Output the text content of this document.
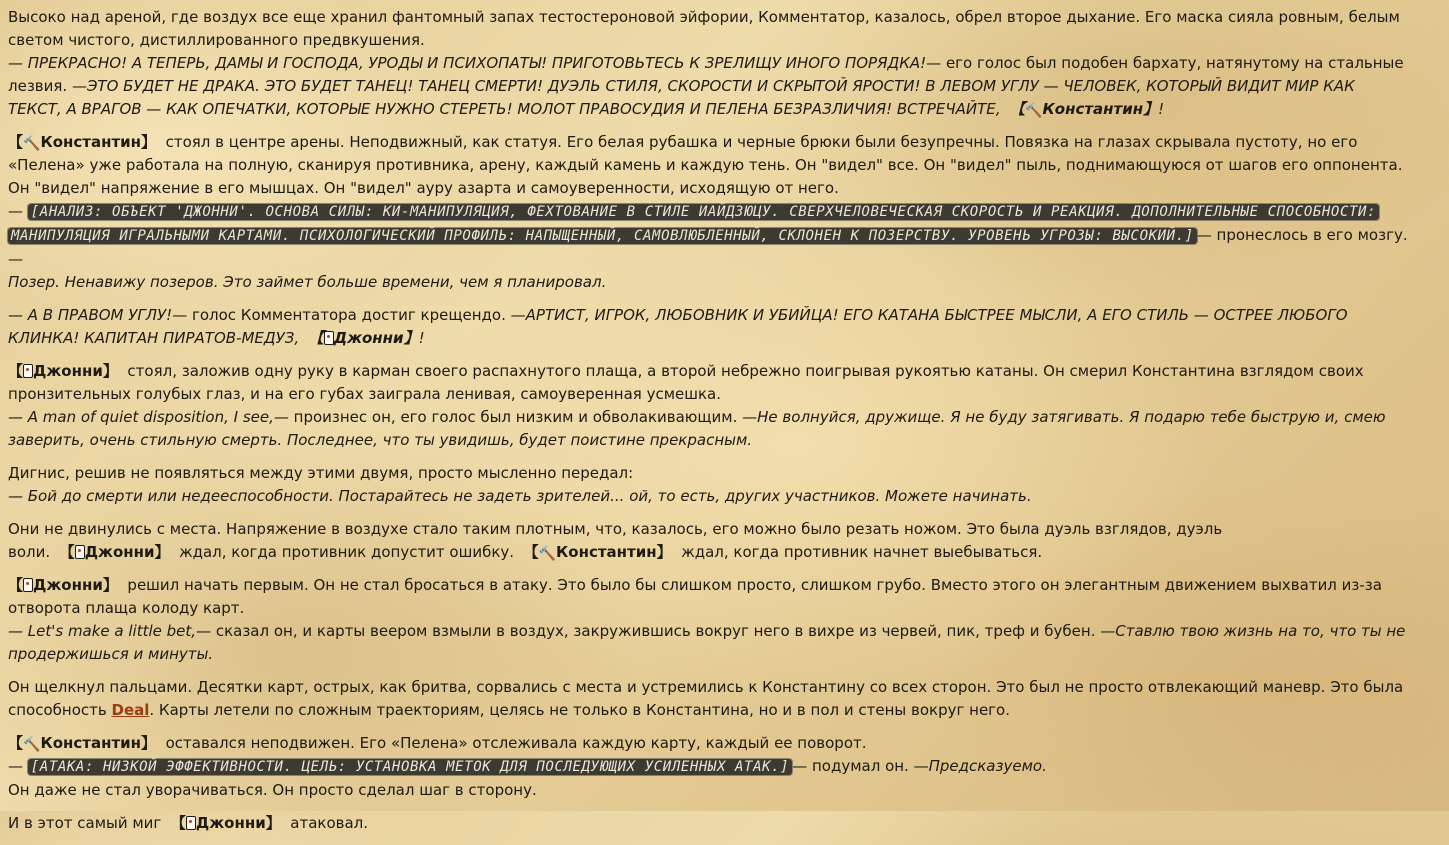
Высоко над ареной, где воздух все еще хранил фантомный запах тестостероновой эйфории, Комментатор, казалось, обрел второе дыхание. Его маска сияла ровным, белым светом чистого, дистиллированного предвкушения.
— ПРЕКРАСНО! А ТЕПЕРЬ, ДАМЫ И ГОСПОДА, УРОДЫ И ПСИХОПАТЫ! ПРИГОТОВЬТЕСЬ К ЗРЕЛИЩУ ИНОГО ПОРЯДКА!— его голос был подобен бархату, натянутому на стальные лезвия. —ЭТО БУДЕТ НЕ ДРАКА. ЭТО БУДЕТ ТАНЕЦ! ТАНЕЦ СМЕРТИ! ДУЭЛЬ СТИЛЯ, СКОРОСТИ И СКРЫТОЙ ЯРОСТИ! В ЛЕВОМ УГЛУ — ЧЕЛОВЕК, КОТОРЫЙ ВИДИТ МИР КАК ТЕКСТ, А ВРАГОВ — КАК ОПЕЧАТКИ, КОТОРЫЕ НУЖНО СТЕРЕТЬ! МОЛОТ ПРАВОСУДИЯ И ПЕЛЕНА БЕЗРАЗЛИЧИЯ! ВСТРЕЧАЙТЕ, 【🔨Константин】!
【🔨Константин】 стоял в центре арены. Неподвижный, как статуя. Его белая рубашка и черные брюки были безупречны. Повязка на глазах скрывала пустоту, но его «Пелена» уже работала на полную, сканируя противника, арену, каждый камень и каждую тень. Он "видел" все. Он "видел" пыль, поднимающуюся от шагов его оппонента. Он "видел" напряжение в его мышцах. Он "видел" ауру азарта и самоуверенности, исходящую от него.
— [АНАЛИЗ: ОБЪЕКТ 'ДЖОННИ'. ОСНОВА СИЛЫ: КИ-МАНИПУЛЯЦИЯ, ФЕХТОВАНИЕ В СТИЛЕ ИАЙДЗЮЦУ. СВЕРХЧЕЛОВЕЧЕСКАЯ СКОРОСТЬ И РЕАКЦИЯ. ДОПОЛНИТЕЛЬНЫЕ СПОСОБНОСТИ: МАНИПУЛЯЦИЯ ИГРАЛЬНЫМИ КАРТАМИ. ПСИХОЛОГИЧЕСКИЙ ПРОФИЛЬ: НАПЫЩЕННЫЙ, САМОВЛЮБЛЕННЫЙ, СКЛОНЕН К ПОЗЕРСТВУ. УРОВЕНЬ УГРОЗЫ: ВЫСОКИЙ.] — пронеслось в его мозгу. —
Позер. Ненавижу позеров. Это займет больше времени, чем я планировал.
— А В ПРАВОМ УГЛУ!— голос Комментатора достиг крещендо. —АРТИСТ, ИГРОК, ЛЮБОВНИК И УБИЙЦА! ЕГО КАТАНА БЫСТРЕЕ МЫСЛИ, А ЕГО СТИЛЬ — ОСТРЕЕ ЛЮБОГО КЛИНКА! КАПИТАН ПИРАТОВ-МЕДУЗ, 【 Джонни】!
【 Джонни】 стоял, заложив одну руку в карман своего распахнутого плаща, а второй небрежно поигрывая рукоятью катаны. Он смерил Константина взглядом своих пронзительных голубых глаз, и на его губах заиграла ленивая, самоуверенная усмешка.
— A man of quiet disposition, I see,— произнес он, его голос был низким и обволакивающим. —Не волнуйся, дружище. Я не буду затягивать. Я подарю тебе быструю и, смею заверить, очень стильную смерть. Последнее, что ты увидишь, будет поистине прекрасным.
Дигнис, решив не появляться между этими двумя, просто мысленно передал:
— Бой до смерти или недееспособности. Постарайтесь не задеть зрителей... ой, то есть, других участников. Можете начинать.
Они не двинулись с места. Напряжение в воздухе стало таким плотным, что, казалось, его можно было резать ножом. Это была дуэль взглядов, дуэль воли. 【 Джонни】 ждал, когда противник допустит ошибку. 【🔨Константин】 ждал, когда противник начнет выебываться.
【 Джонни】 решил начать первым. Он не стал бросаться в атаку. Это было бы слишком просто, слишком грубо. Вместо этого он элегантным движением выхватил из-за отворота плаща колоду карт.
— Let's make a little bet,— сказал он, и карты веером взмыли в воздух, закружившись вокруг него в вихре из червей, пик, треф и бубен. —Ставлю твою жизнь на то, что ты не продержишься и минуты.
Он щелкнул пальцами. Десятки карт, острых, как бритва, сорвались с места и устремились к Константину со всех сторон. Это был не просто отвлекающий маневр. Это была способность Deal. Карты летели по сложным траекториям, целясь не только в Константина, но и в пол и стены вокруг него.
【🔨Константин】 оставался неподвижен. Его «Пелена» отслеживала каждую карту, каждый ее поворот.
— [АТАКА: НИЗКОЙ ЭФФЕКТИВНОСТИ. ЦЕЛЬ: УСТАНОВКА МЕТОК ДЛЯ ПОСЛЕДУЮЩИХ УСИЛЕННЫХ АТАК.] — подумал он. —Предсказуемо.
Он даже не стал уворачиваться. Он просто сделал шаг в сторону.
И в этот самый миг 【 Джонни】 атаковал.
